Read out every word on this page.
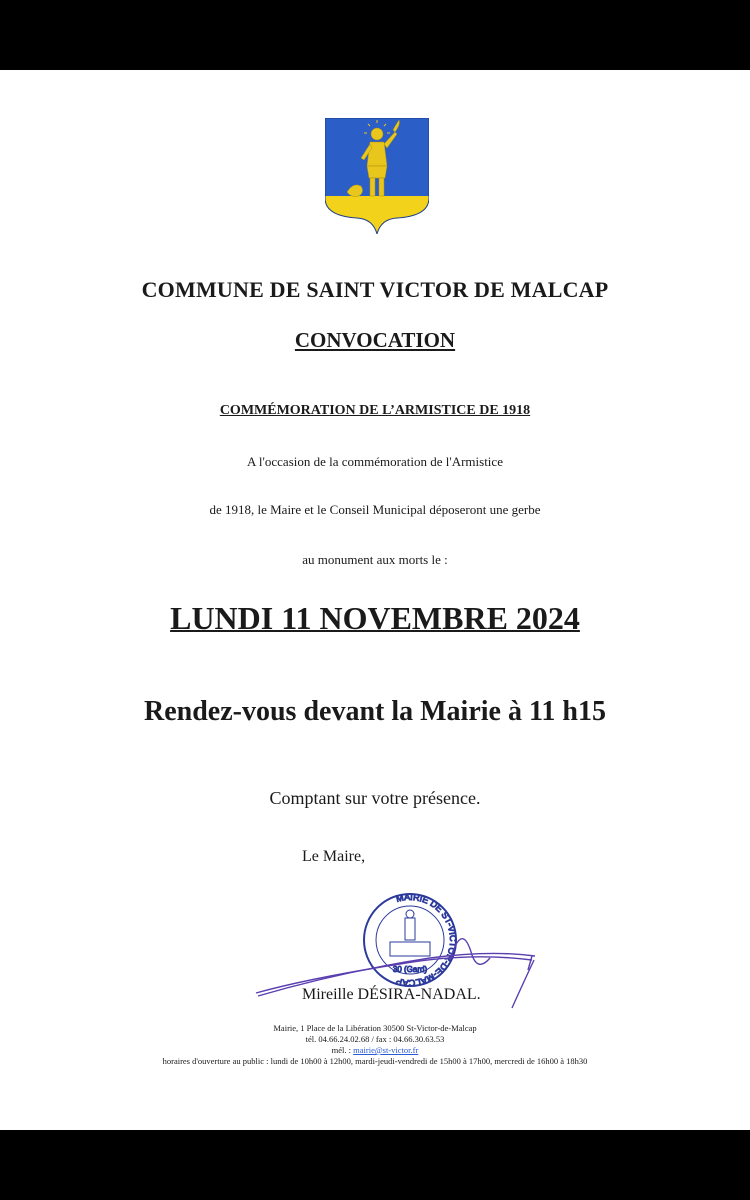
COMMUNE DE SAINT VICTOR DE MALCAP
CONVOCATION
COMMÉMORATION DE L’ARMISTICE DE 1918
A l'occasion de la commémoration de l'Armistice
de 1918, le Maire et le Conseil Municipal déposeront une gerbe
au monument aux morts le :
LUNDI 11 NOVEMBRE 2024
Rendez-vous devant la Mairie à 11 h15
Comptant sur votre présence.
Le Maire,
MAIRIE DE ST-VICTOR-DE-MALCAP
30 (Gard)
Mireille DÉSIRA-NADAL.
Mairie, 1 Place de la Libération 30500 St-Victor-de-Malcap
tél. 04.66.24.02.68 / fax : 04.66.30.63.53
mél. : mairie@st-victor.fr
horaires d'ouverture au public : lundi de 10h00 à 12h00, mardi-jeudi-vendredi de 15h00 à 17h00, mercredi de 16h00 à 18h30
